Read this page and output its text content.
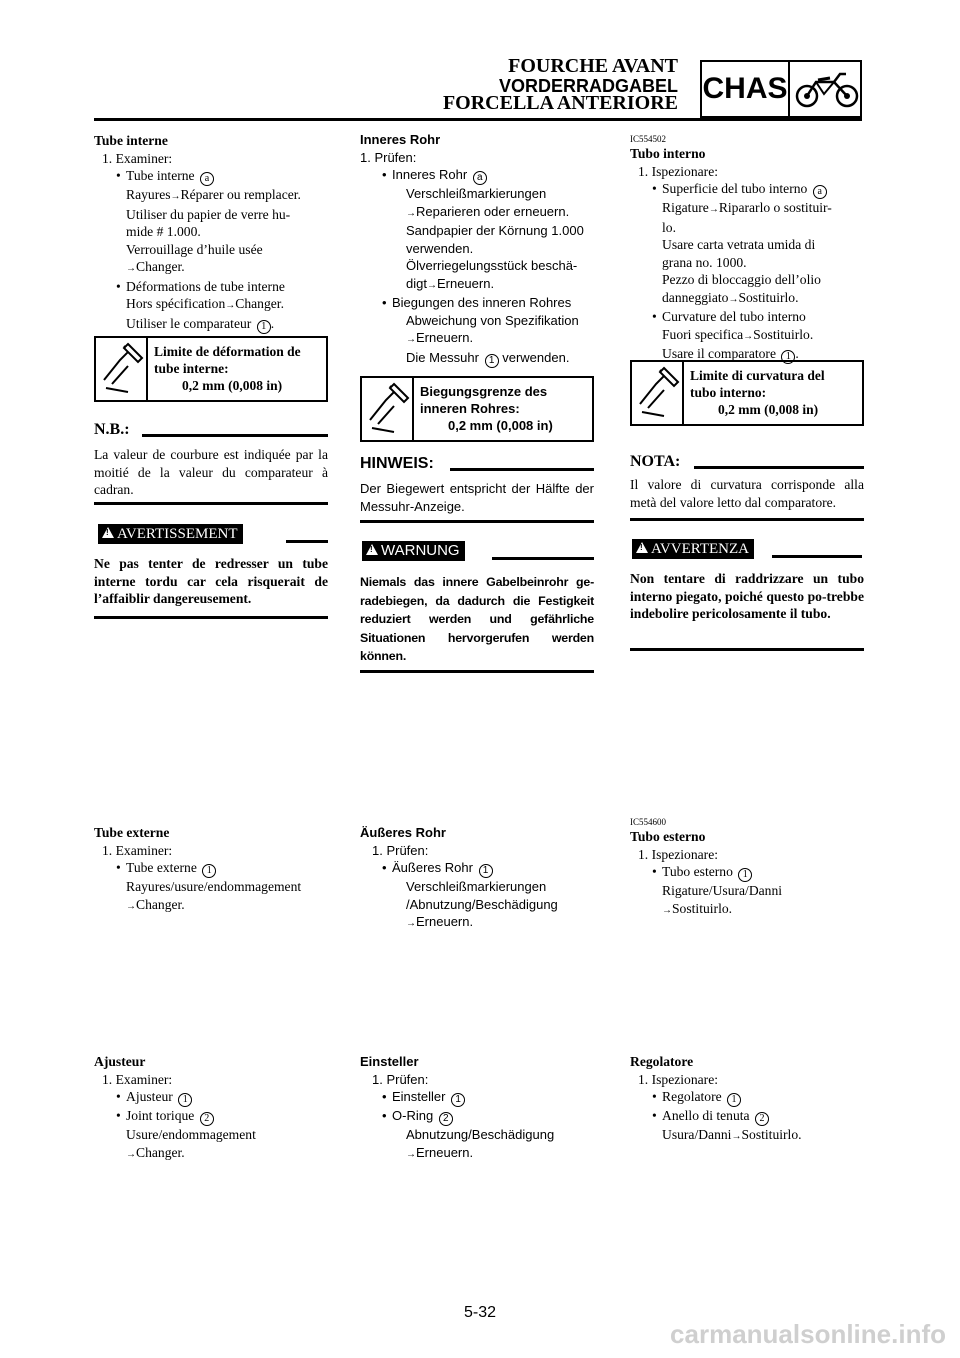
FOURCHE AVANT
VORDERRADGABEL
FORCELLA ANTERIORE CHAS
Tube interne
1. Examiner:
• Tube interne a
Rayures→Réparer ou remplacer.
Utiliser du papier de verre hu-
mide # 1.000.
Verrouillage d’huile usée
→Changer.
• Déformations de tube interne
Hors spécification→Changer.
Utiliser le comparateur 1 .
Limite de déformation de
tube interne:
0,2 mm (0,008 in)
N.B.:
La valeur de courbure est indiquée par la moitié de la valeur du comparateur à cadran.
!AVERTISSEMENT
Ne pas tenter de redresser un tube interne tordu car cela risquerait de l’affaiblir dangereusement.
Tube externe
1. Examiner:
• Tube externe 1
Rayures/usure/endommagement
→Changer.
Ajusteur
1. Examiner:
• Ajusteur 1
• Joint torique 2
Usure/endommagement
→Changer.
Inneres Rohr
1. Prüfen:
• Inneres Rohr a
Verschleißmarkierungen
→Reparieren oder erneuern.
Sandpapier der Körnung 1.000
verwenden.
Ölverriegelungsstück beschä-
digt→Erneuern.
• Biegungen des inneren Rohres
Abweichung von Spezifikation
→Erneuern.
Die Messuhr 1 verwenden.
Biegungsgrenze des
inneren Rohres:
0,2 mm (0,008 in)
HINWEIS:
Der Biegewert entspricht der Hälfte der Messuhr-Anzeige.
!WARNUNG
Niemals das innere Gabelbeinrohr gе-radebiegen, da dadurch die Festigkeit reduziert werden und gefährliche Situationen hervorgerufen werden können.
Äußeres Rohr
1. Prüfen:
• Äußeres Rohr 1
Verschleißmarkierungen
/Abnutzung/Beschädigung
→Erneuern.
Einsteller
1. Prüfen:
• Einsteller 1
• O-Ring 2
Abnutzung/Beschädigung
→Erneuern.
IC554502
Tubo interno
1. Ispezionare:
• Superficie del tubo interno a
Rigature→Ripararlo o sostituir-
lo.
Usare carta vetrata umida di
grana no. 1000.
Pezzo di bloccaggio dell’olio
danneggiato→Sostituirlo.
• Curvature del tubo interno
Fuori specifica→Sostituirlo.
Usare il comparatore 1 .
Limite di curvatura del
tubo interno:
0,2 mm (0,008 in)
NOTA:
Il valore di curvatura corrisponde alla metà del valore letto dal comparatore.
!AVVERTENZA
Non tentare di raddrizzare un tubo interno piegato, poiché questo po-trebbe indebolire pericolosamente il tubo.
IC554600
Tubo esterno
1. Ispezionare:
• Tubo esterno 1
Rigature/Usura/Danni
→Sostituirlo.
Regolatore
1. Ispezionare:
• Regolatore 1
• Anello di tenuta 2
Usura/Danni→Sostituirlo.
5-32
carmanualsonline.info
